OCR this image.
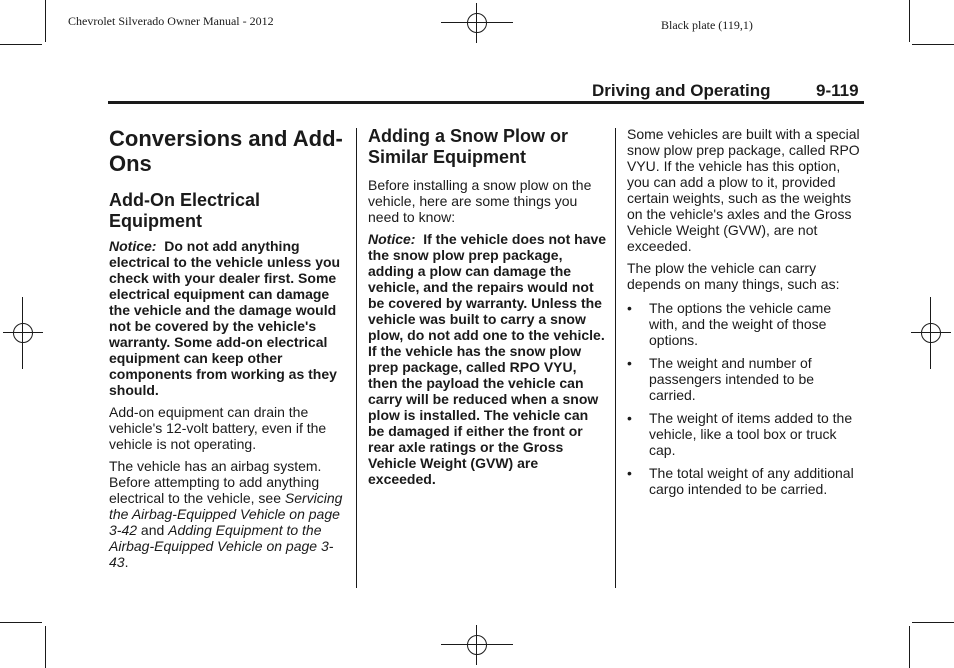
Chevrolet Silverado Owner Manual - 2012	Black plate (119,1)
Driving and Operating	9-119
Conversions and Add-Ons
Add-On Electrical Equipment

Notice: Do not add anything electrical to the vehicle unless you check with your dealer first. Some electrical equipment can damage the vehicle and the damage would not be covered by the vehicle's warranty. Some add-on electrical equipment can keep other components from working as they should.

Add-on equipment can drain the vehicle's 12-volt battery, even if the vehicle is not operating.

The vehicle has an airbag system. Before attempting to add anything electrical to the vehicle, see Servicing the Airbag-Equipped Vehicle on page 3-42 and Adding Equipment to the Airbag-Equipped Vehicle on page 3-43.

Adding a Snow Plow or Similar Equipment

Before installing a snow plow on the vehicle, here are some things you need to know:

Notice: If the vehicle does not have the snow plow prep package, adding a plow can damage the vehicle, and the repairs would not be covered by warranty. Unless the vehicle was built to carry a snow plow, do not add one to the vehicle. If the vehicle has the snow plow prep package, called RPO VYU, then the payload the vehicle can carry will be reduced when a snow plow is installed. The vehicle can be damaged if either the front or rear axle ratings or the Gross Vehicle Weight (GVW) are exceeded.

Some vehicles are built with a special snow plow prep package, called RPO VYU. If the vehicle has this option, you can add a plow to it, provided certain weights, such as the weights on the vehicle's axles and the Gross Vehicle Weight (GVW), are not exceeded.

The plow the vehicle can carry depends on many things, such as:

• The options the vehicle came with, and the weight of those options.
• The weight and number of passengers intended to be carried.
• The weight of items added to the vehicle, like a tool box or truck cap.
• The total weight of any additional cargo intended to be carried.
